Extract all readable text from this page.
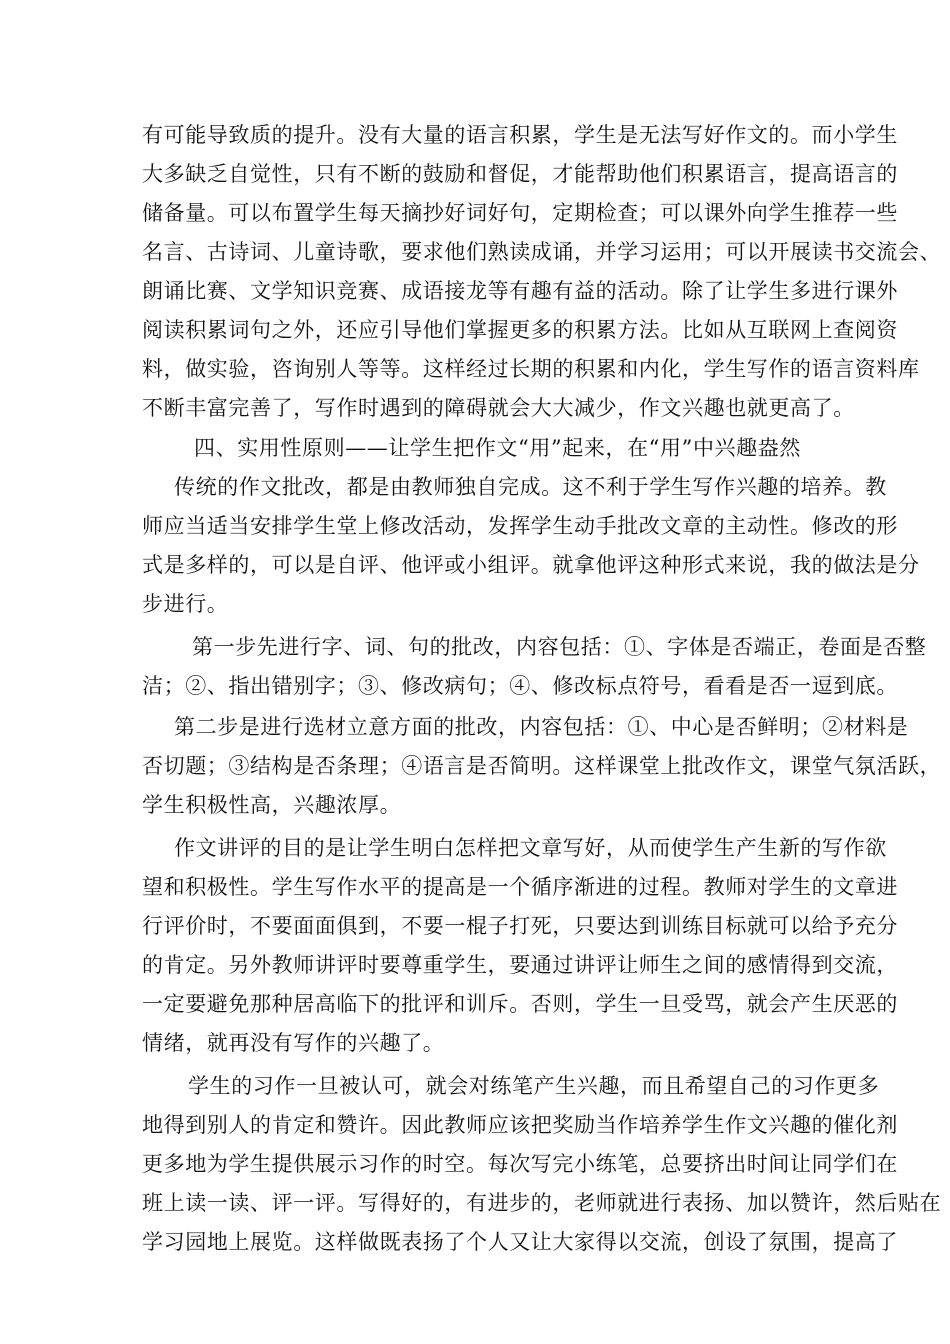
有可能导致质的提升。没有大量的语言积累，学生是无法写好作文的。而小学生
大多缺乏自觉性，只有不断的鼓励和督促，才能帮助他们积累语言，提高语言的
储备量。可以布置学生每天摘抄好词好句，定期检查；可以课外向学生推荐一些
名言、古诗词、儿童诗歌，要求他们熟读成诵，并学习运用；可以开展读书交流会、
朗诵比赛、文学知识竞赛、成语接龙等有趣有益的活动。除了让学生多进行课外
阅读积累词句之外，还应引导他们掌握更多的积累方法。比如从互联网上查阅资
料，做实验，咨询别人等等。这样经过长期的积累和内化，学生写作的语言资料库
不断丰富完善了，写作时遇到的障碍就会大大减少，作文兴趣也就更高了。
四、实用性原则——让学生把作文“用”起来，在“用”中兴趣盎然
传统的作文批改，都是由教师独自完成。这不利于学生写作兴趣的培养。教
师应当适当安排学生堂上修改活动，发挥学生动手批改文章的主动性。修改的形
式是多样的，可以是自评、他评或小组评。就拿他评这种形式来说，我的做法是分
步进行。
第一步先进行字、词、句的批改，内容包括：①、字体是否端正，卷面是否整
洁；②、指出错别字；③、修改病句；④、修改标点符号，看看是否一逗到底。
第二步是进行选材立意方面的批改，内容包括：①、中心是否鲜明；②材料是
否切题；③结构是否条理；④语言是否简明。这样课堂上批改作文，课堂气氛活跃，
学生积极性高，兴趣浓厚。
作文讲评的目的是让学生明白怎样把文章写好，从而使学生产生新的写作欲
望和积极性。学生写作水平的提高是一个循序渐进的过程。教师对学生的文章进
行评价时，不要面面俱到，不要一棍子打死，只要达到训练目标就可以给予充分
的肯定。另外教师讲评时要尊重学生，要通过讲评让师生之间的感情得到交流，
一定要避免那种居高临下的批评和训斥。否则，学生一旦受骂，就会产生厌恶的
情绪，就再没有写作的兴趣了。
学生的习作一旦被认可，就会对练笔产生兴趣，而且希望自己的习作更多
地得到别人的肯定和赞许。因此教师应该把奖励当作培养学生作文兴趣的催化剂
更多地为学生提供展示习作的时空。每次写完小练笔，总要挤出时间让同学们在
班上读一读、评一评。写得好的，有进步的，老师就进行表扬、加以赞许，然后贴在
学习园地上展览。这样做既表扬了个人又让大家得以交流，创设了氛围，提高了
